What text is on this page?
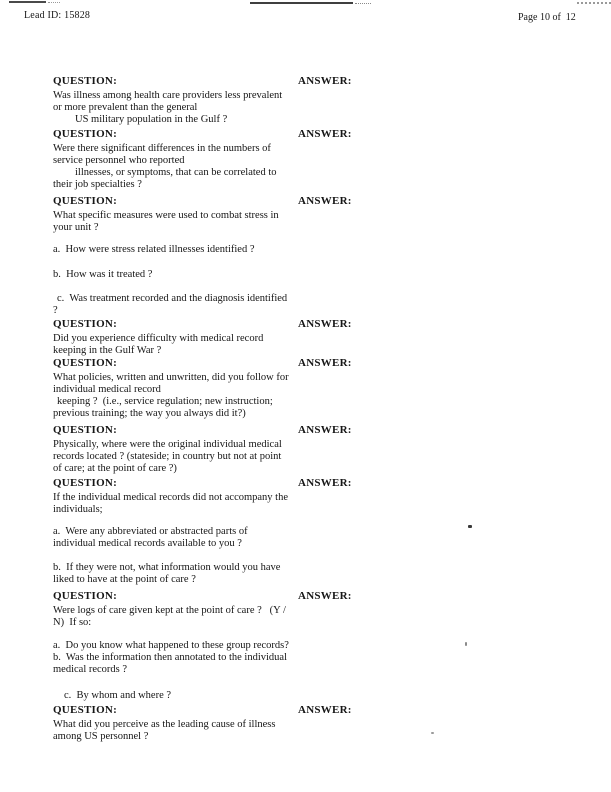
Lead ID: 15828	Page 10 of  12
QUESTION:	ANSWER:
Was illness among health care providers less prevalent
or more prevalent than the general
US military population in the Gulf ?
QUESTION:	ANSWER:
Were there significant differences in the numbers of
service personnel who reported
illnesses, or symptoms, that can be correlated to
their job specialties ?
QUESTION:	ANSWER:
What specific measures were used to combat stress in
your unit ?
a.  How were stress related illnesses identified ?
b.  How was it treated ?
c.  Was treatment recorded and the diagnosis identified
?
QUESTION:	ANSWER:
Did you experience difficulty with medical record
keeping in the Gulf War ?
QUESTION:	ANSWER:
What policies, written and unwritten, did you follow for
individual medical record
keeping ?  (i.e., service regulation; new instruction;
previous training; the way you always did it?)
QUESTION:	ANSWER:
Physically, where were the original individual medical
records located ? (stateside; in country but not at point
of care; at the point of care ?)
QUESTION:	ANSWER:
If the individual medical records did not accompany the
individuals;
a.  Were any abbreviated or abstracted parts of
individual medical records available to you ?
b.  If they were not, what information would you have
liked to have at the point of care ?
QUESTION:	ANSWER:
Were logs of care given kept at the point of care ?   (Y /
N)  If so:
a.  Do you know what happened to these group records?
b.  Was the information then annotated to the individual
medical records ?
c.  By whom and where ?
QUESTION:	ANSWER:
What did you perceive as the leading cause of illness
among US personnel ?
